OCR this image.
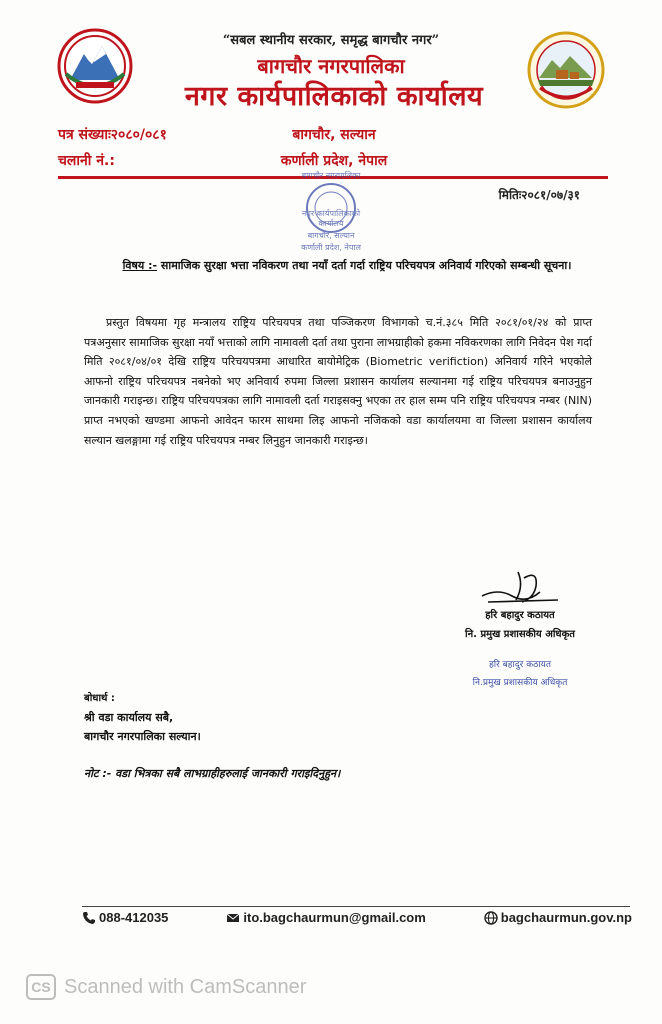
“सबल स्थानीय सरकार, समृद्ध बागचौर नगर”
बागचौर नगरपालिका
नगर कार्यपालिकाको कार्यालय
पत्र संख्याः२०८०/०८१
चलानी नं.:
बागचौर, सल्यान
कर्णाली प्रदेश, नेपाल
मितिः२०८१/०७/३१
बागचौर नगरपालिका
नगर कार्यपालिकाको
कार्यालय
बागचौर, सल्यान
कर्णाली प्रदेश, नेपाल
विषय :- सामाजिक सुरक्षा भत्ता नविकरण तथा नयाँ दर्ता गर्दा राष्ट्रिय परिचयपत्र अनिवार्य गरिएको सम्बन्धी सूचना।
प्रस्तुत विषयमा गृह मन्त्रालय राष्ट्रिय परिचयपत्र तथा पञ्जिकरण विभागको च.नं.३८५ मिति २०८१/०१/२४ को प्राप्त पत्रअनुसार सामाजिक सुरक्षा नयाँ भत्ताको लागि नामावली दर्ता तथा पुराना लाभग्राहीको हकमा नविकरणका लागि निवेदन पेश गर्दा मिति २०८१/०४/०१ देखि राष्ट्रिय परिचयपत्रमा आधारित बायोमेट्रिक (Biometric verifiction) अनिवार्य गरिने भएकोले आफनो राष्ट्रिय परिचयपत्र नबनेको भए अनिवार्य रुपमा जिल्ला प्रशासन कार्यालय सल्यानमा गई राष्ट्रिय परिचयपत्र बनाउनुहुन जानकारी गराइन्छ। राष्ट्रिय परिचयपत्रका लागि नामावली दर्ता गराइसक्नु भएका तर हाल सम्म पनि राष्ट्रिय परिचयपत्र नम्बर (NIN) प्राप्त नभएको खण्डमा आफनो आवेदन फारम साथमा लिइ आफनो नजिकको वडा कार्यालयमा वा जिल्ला प्रशासन कार्यालय सल्यान खलङ्गामा गई राष्ट्रिय परिचयपत्र नम्बर लिनुहुन जानकारी गराइन्छ।
हरि बहादुर कठायत
नि. प्रमुख प्रशासकीय अधिकृत
हरि बहादुर कठायत
नि.प्रमुख प्रशासकीय अधिकृत
बोधार्थ :
श्री वडा कार्यालय सबै,
बागचौर नगरपालिका सल्यान।
नोट :- वडा भित्रका सबै लाभग्राहीहरुलाई जानकारी गराइदिनुहुन।
088-412035	ito.bagchaurmun@gmail.com	bagchaurmun.gov.np
CS Scanned with CamScanner
